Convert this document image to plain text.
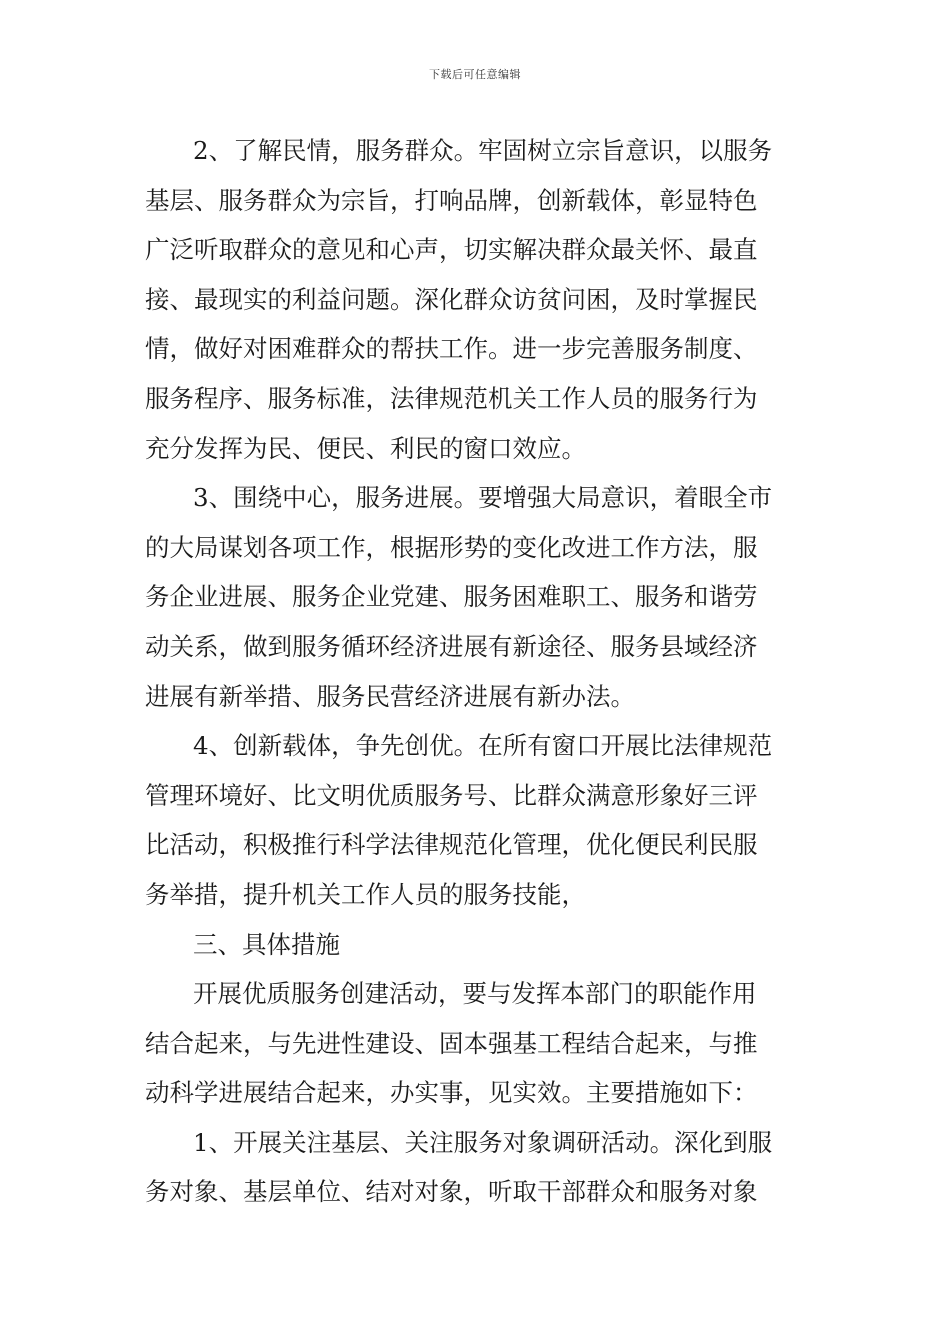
下载后可任意编辑
2、了解民情，服务群众。牢固树立宗旨意识，以服务
基层、服务群众为宗旨，打响品牌，创新载体，彰显特色
广泛听取群众的意见和心声，切实解决群众最关怀、最直
接、最现实的利益问题。深化群众访贫问困，及时掌握民
情，做好对困难群众的帮扶工作。进一步完善服务制度、
服务程序、服务标准，法律规范机关工作人员的服务行为
充分发挥为民、便民、利民的窗口效应。
3、围绕中心，服务进展。要增强大局意识，着眼全市
的大局谋划各项工作，根据形势的变化改进工作方法，服
务企业进展、服务企业党建、服务困难职工、服务和谐劳
动关系，做到服务循环经济进展有新途径、服务县域经济
进展有新举措、服务民营经济进展有新办法。
4、创新载体，争先创优。在所有窗口开展比法律规范
管理环境好、比文明优质服务号、比群众满意形象好三评
比活动，积极推行科学法律规范化管理，优化便民利民服
务举措，提升机关工作人员的服务技能，
三、具体措施
开展优质服务创建活动，要与发挥本部门的职能作用
结合起来，与先进性建设、固本强基工程结合起来，与推
动科学进展结合起来，办实事，见实效。主要措施如下：
1、开展关注基层、关注服务对象调研活动。深化到服
务对象、基层单位、结对对象，听取干部群众和服务对象
